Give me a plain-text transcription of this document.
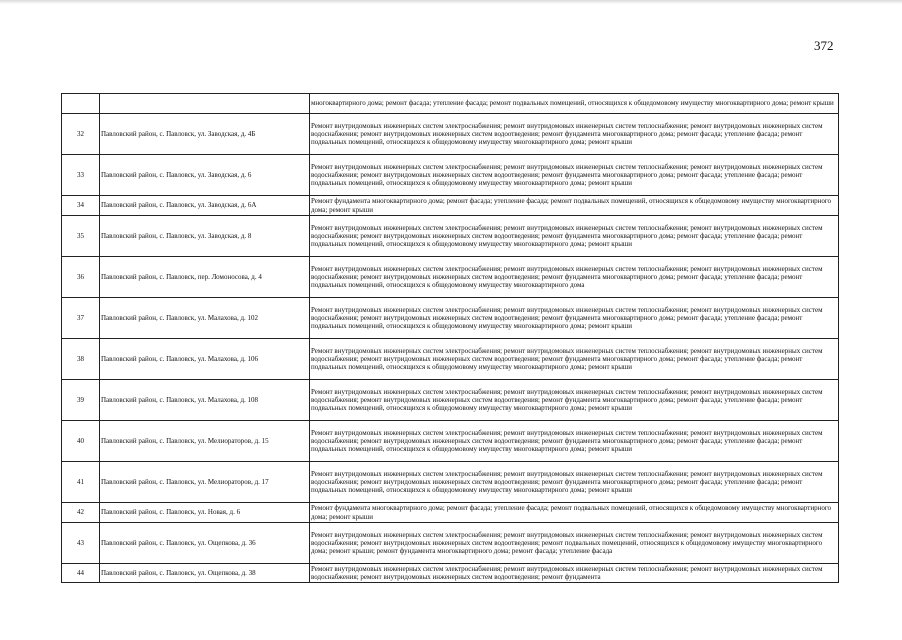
372
		многоквартирного дома; ремонт фасада; утепление фасада; ремонт подвальных помещений, относящихся к общедомовому имуществу многоквартирного дома; ремонт крыши
32	Павловский район, с. Павловск, ул. Заводская, д. 4Б	Ремонт внутридомовых инженерных систем электроснабжения; ремонт внутридомовых инженерных систем теплоснабжения; ремонт внутридомовых инженерных систем водоснабжения; ремонт внутридомовых инженерных систем водоотведения; ремонт фундамента многоквартирного дома; ремонт фасада; утепление фасада; ремонт подвальных помещений, относящихся к общедомовому имуществу многоквартирного дома; ремонт крыши
33	Павловский район, с. Павловск, ул. Заводская, д. 6	Ремонт внутридомовых инженерных систем электроснабжения; ремонт внутридомовых инженерных систем теплоснабжения; ремонт внутридомовых инженерных систем водоснабжения; ремонт внутридомовых инженерных систем водоотведения; ремонт фундамента многоквартирного дома; ремонт фасада; утепление фасада; ремонт подвальных помещений, относящихся к общедомовому имуществу многоквартирного дома; ремонт крыши
34	Павловский район, с. Павловск, ул. Заводская, д. 6А	Ремонт фундамента многоквартирного дома; ремонт фасада; утепление фасада; ремонт подвальных помещений, относящихся к общедомовому имуществу многоквартирного дома; ремонт крыши
35	Павловский район, с. Павловск, ул. Заводская, д. 8	Ремонт внутридомовых инженерных систем электроснабжения; ремонт внутридомовых инженерных систем теплоснабжения; ремонт внутридомовых инженерных систем водоснабжения; ремонт внутридомовых инженерных систем водоотведения; ремонт фундамента многоквартирного дома; ремонт фасада; утепление фасада; ремонт подвальных помещений, относящихся к общедомовому имуществу многоквартирного дома; ремонт крыши
36	Павловский район, с. Павловск, пер. Ломоносова, д. 4	Ремонт внутридомовых инженерных систем электроснабжения; ремонт внутридомовых инженерных систем теплоснабжения; ремонт внутридомовых инженерных систем водоснабжения; ремонт внутридомовых инженерных систем водоотведения; ремонт фундамента многоквартирного дома; ремонт фасада; утепление фасада; ремонт подвальных помещений, относящихся к общедомовому имуществу многоквартирного дома
37	Павловский район, с. Павловск, ул. Малахова, д. 102	Ремонт внутридомовых инженерных систем электроснабжения; ремонт внутридомовых инженерных систем теплоснабжения; ремонт внутридомовых инженерных систем водоснабжения; ремонт внутридомовых инженерных систем водоотведения; ремонт фундамента многоквартирного дома; ремонт фасада; утепление фасада; ремонт подвальных помещений, относящихся к общедомовому имуществу многоквартирного дома; ремонт крыши
38	Павловский район, с. Павловск, ул. Малахова, д. 106	Ремонт внутридомовых инженерных систем электроснабжения; ремонт внутридомовых инженерных систем теплоснабжения; ремонт внутридомовых инженерных систем водоснабжения; ремонт внутридомовых инженерных систем водоотведения; ремонт фундамента многоквартирного дома; ремонт фасада; утепление фасада; ремонт подвальных помещений, относящихся к общедомовому имуществу многоквартирного дома; ремонт крыши
39	Павловский район, с. Павловск, ул. Малахова, д. 108	Ремонт внутридомовых инженерных систем электроснабжения; ремонт внутридомовых инженерных систем теплоснабжения; ремонт внутридомовых инженерных систем водоснабжения; ремонт внутридомовых инженерных систем водоотведения; ремонт фундамента многоквартирного дома; ремонт фасада; утепление фасада; ремонт подвальных помещений, относящихся к общедомовому имуществу многоквартирного дома; ремонт крыши
40	Павловский район, с. Павловск, ул. Мелиораторов, д. 15	Ремонт внутридомовых инженерных систем электроснабжения; ремонт внутридомовых инженерных систем теплоснабжения; ремонт внутридомовых инженерных систем водоснабжения; ремонт внутридомовых инженерных систем водоотведения; ремонт фундамента многоквартирного дома; ремонт фасада; утепление фасада; ремонт подвальных помещений, относящихся к общедомовому имуществу многоквартирного дома; ремонт крыши
41	Павловский район, с. Павловск, ул. Мелиораторов, д. 17	Ремонт внутридомовых инженерных систем электроснабжения; ремонт внутридомовых инженерных систем теплоснабжения; ремонт внутридомовых инженерных систем водоснабжения; ремонт внутридомовых инженерных систем водоотведения; ремонт фундамента многоквартирного дома; ремонт фасада; утепление фасада; ремонт подвальных помещений, относящихся к общедомовому имуществу многоквартирного дома; ремонт крыши
42	Павловский район, с. Павловск, ул. Новая, д. 6	Ремонт фундамента многоквартирного дома; ремонт фасада; утепление фасада; ремонт подвальных помещений, относящихся к общедомовому имуществу многоквартирного дома; ремонт крыши
43	Павловский район, с. Павловск, ул. Ощепкова, д. 36	Ремонт внутридомовых инженерных систем электроснабжения; ремонт внутридомовых инженерных систем теплоснабжения; ремонт внутридомовых инженерных систем водоснабжения; ремонт внутридомовых инженерных систем водоотведения; ремонт подвальных помещений, относящихся к общедомовому имуществу многоквартирного дома; ремонт крыши; ремонт фундамента многоквартирного дома; ремонт фасада; утепление фасада
44	Павловский район, с. Павловск, ул. Ощепкова, д. 38	Ремонт внутридомовых инженерных систем электроснабжения; ремонт внутридомовых инженерных систем теплоснабжения; ремонт внутридомовых инженерных систем водоснабжения; ремонт внутридомовых инженерных систем водоотведения; ремонт фундамента
